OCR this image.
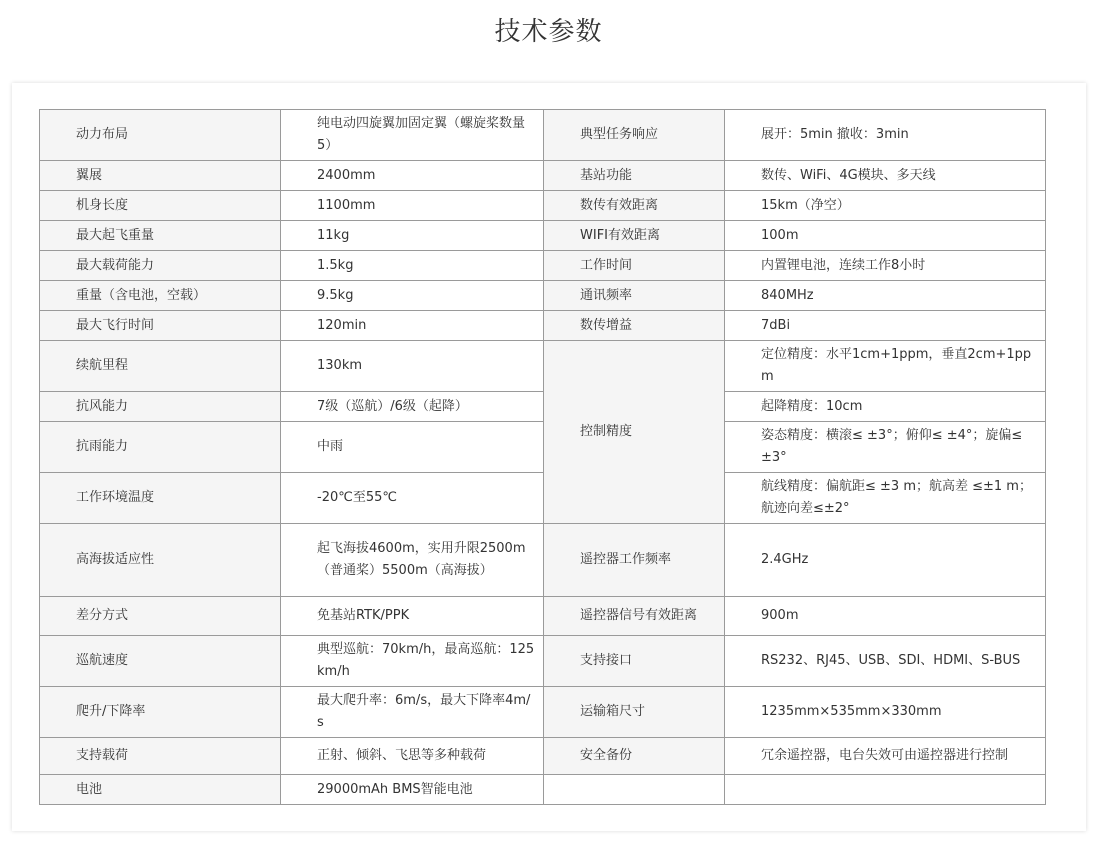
技术参数
动力布局	纯电动四旋翼加固定翼（螺旋桨数量5）	典型任务响应	展开：5min 撤收：3min
翼展	2400mm	基站功能	数传、WiFi、4G模块、多天线
机身长度	1100mm	数传有效距离	15km（净空）
最大起飞重量	11kg	WIFI有效距离	100m
最大载荷能力	1.5kg	工作时间	内置锂电池，连续工作8小时
重量（含电池，空载）	9.5kg	通讯频率	840MHz
最大飞行时间	120min	数传增益	7dBi
续航里程	130km	控制精度	定位精度：水平1cm+1ppm，垂直2cm+1ppm
抗风能力	7级（巡航）/6级（起降）		起降精度：10cm
抗雨能力	中雨		姿态精度：横滚≤ ±3°；俯仰≤ ±4°；旋偏≤±3°
工作环境温度	-20℃至55℃		航线精度：偏航距≤ ±3 m；航高差 ≤±1 m；航迹向差≤±2°
高海拔适应性	起飞海拔4600m，实用升限2500m（普通桨）5500m（高海拔）	遥控器工作频率	2.4GHz
差分方式	免基站RTK/PPK	遥控器信号有效距离	900m
巡航速度	典型巡航：70km/h，最高巡航：125km/h	支持接口	RS232、RJ45、USB、SDI、HDMI、S-BUS
爬升/下降率	最大爬升率：6m/s，最大下降率4m/s	运输箱尺寸	1235mm×535mm×330mm
支持载荷	正射、倾斜、飞思等多种载荷	安全备份	冗余遥控器，电台失效可由遥控器进行控制
电池	29000mAh BMS智能电池		
